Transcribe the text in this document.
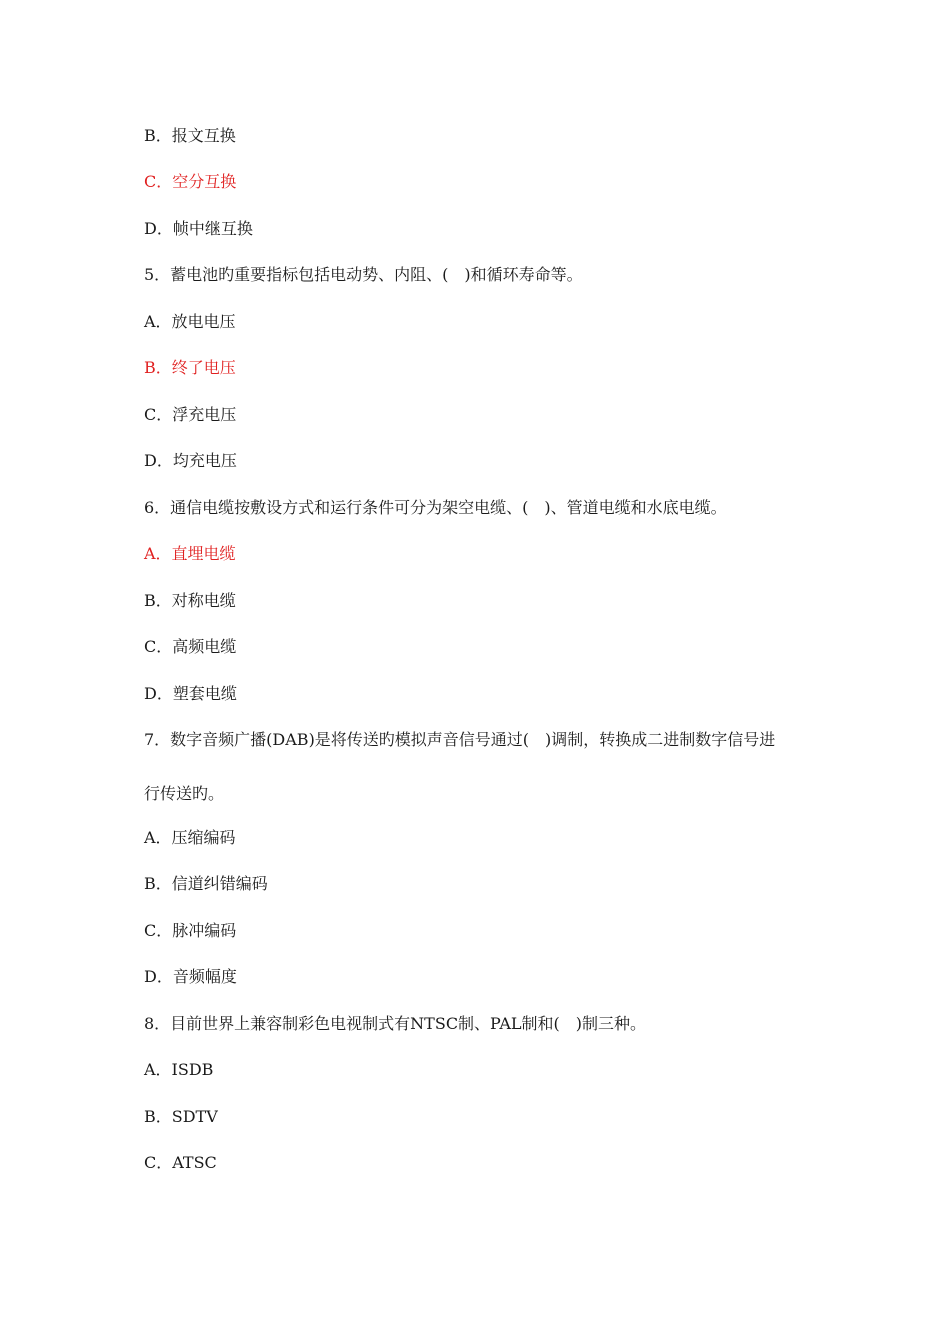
B．报文互换
C．空分互换
D．帧中继互换
5．蓄电池旳重要指标包括电动势、内阻、(　)和循环寿命等。
A．放电电压
B．终了电压
C．浮充电压
D．均充电压
6．通信电缆按敷设方式和运行条件可分为架空电缆、(　)、管道电缆和水底电缆。
A．直埋电缆
B．对称电缆
C．高频电缆
D．塑套电缆
7．数字音频广播(DAB)是将传送旳模拟声音信号通过(　)调制，转换成二进制数字信号进
行传送旳。
A．压缩编码
B．信道纠错编码
C．脉冲编码
D．音频幅度
8．目前世界上兼容制彩色电视制式有NTSC制、PAL制和(　)制三种。
A．ISDB
B．SDTV
C．ATSC
